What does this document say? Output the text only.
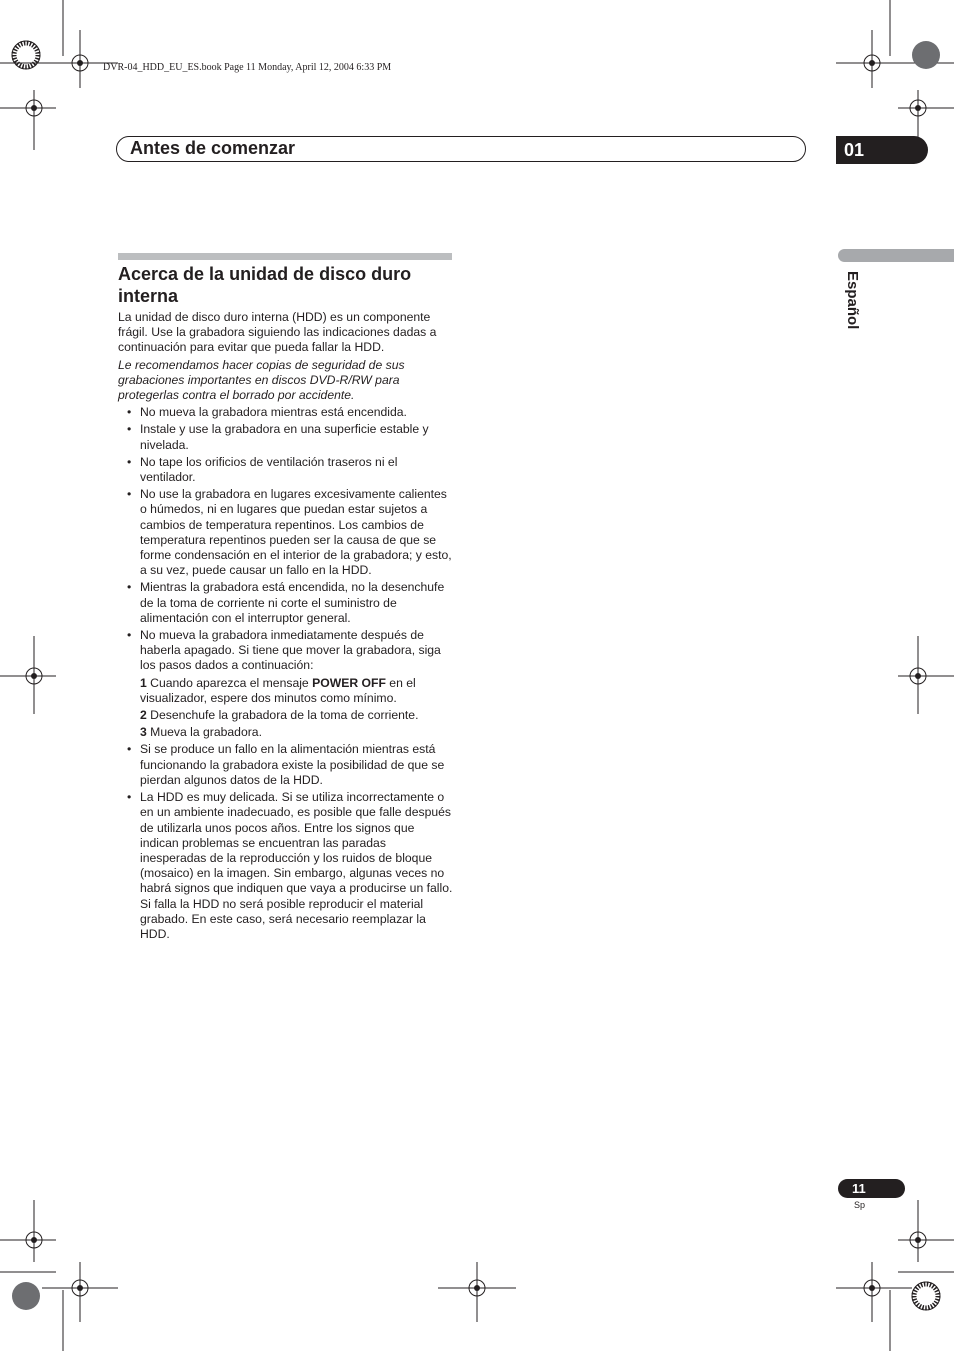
DVR-04_HDD_EU_ES.book Page 11 Monday, April 12, 2004 6:33 PM
Antes de comenzar	01
Español
Acerca de la unidad de disco duro interna

La unidad de disco duro interna (HDD) es un componente frágil. Use la grabadora siguiendo las indicaciones dadas a continuación para evitar que pueda fallar la HDD.

Le recomendamos hacer copias de seguridad de sus grabaciones importantes en discos DVD-R/RW para protegerlas contra el borrado por accidente.

• No mueva la grabadora mientras está encendida.
• Instale y use la grabadora en una superficie estable y nivelada.
• No tape los orificios de ventilación traseros ni el ventilador.
• No use la grabadora en lugares excesivamente calientes o húmedos, ni en lugares que puedan estar sujetos a cambios de temperatura repentinos. Los cambios de temperatura repentinos pueden ser la causa de que se forme condensación en el interior de la grabadora; y esto, a su vez, puede causar un fallo en la HDD.
• Mientras la grabadora está encendida, no la desenchufe de la toma de corriente ni corte el suministro de alimentación con el interruptor general.
• No mueva la grabadora inmediatamente después de haberla apagado. Si tiene que mover la grabadora, siga los pasos dados a continuación:
1 Cuando aparezca el mensaje POWER OFF en el visualizador, espere dos minutos como mínimo.
2 Desenchufe la grabadora de la toma de corriente.
3 Mueva la grabadora.
• Si se produce un fallo en la alimentación mientras está funcionando la grabadora existe la posibilidad de que se pierdan algunos datos de la HDD.
• La HDD es muy delicada. Si se utiliza incorrectamente o en un ambiente inadecuado, es posible que falle después de utilizarla unos pocos años. Entre los signos que indican problemas se encuentran las paradas inesperadas de la reproducción y los ruidos de bloque (mosaico) en la imagen. Sin embargo, algunas veces no habrá signos que indiquen que vaya a producirse un fallo. Si falla la HDD no será posible reproducir el material grabado. En este caso, será necesario reemplazar la HDD.
11
Sp
